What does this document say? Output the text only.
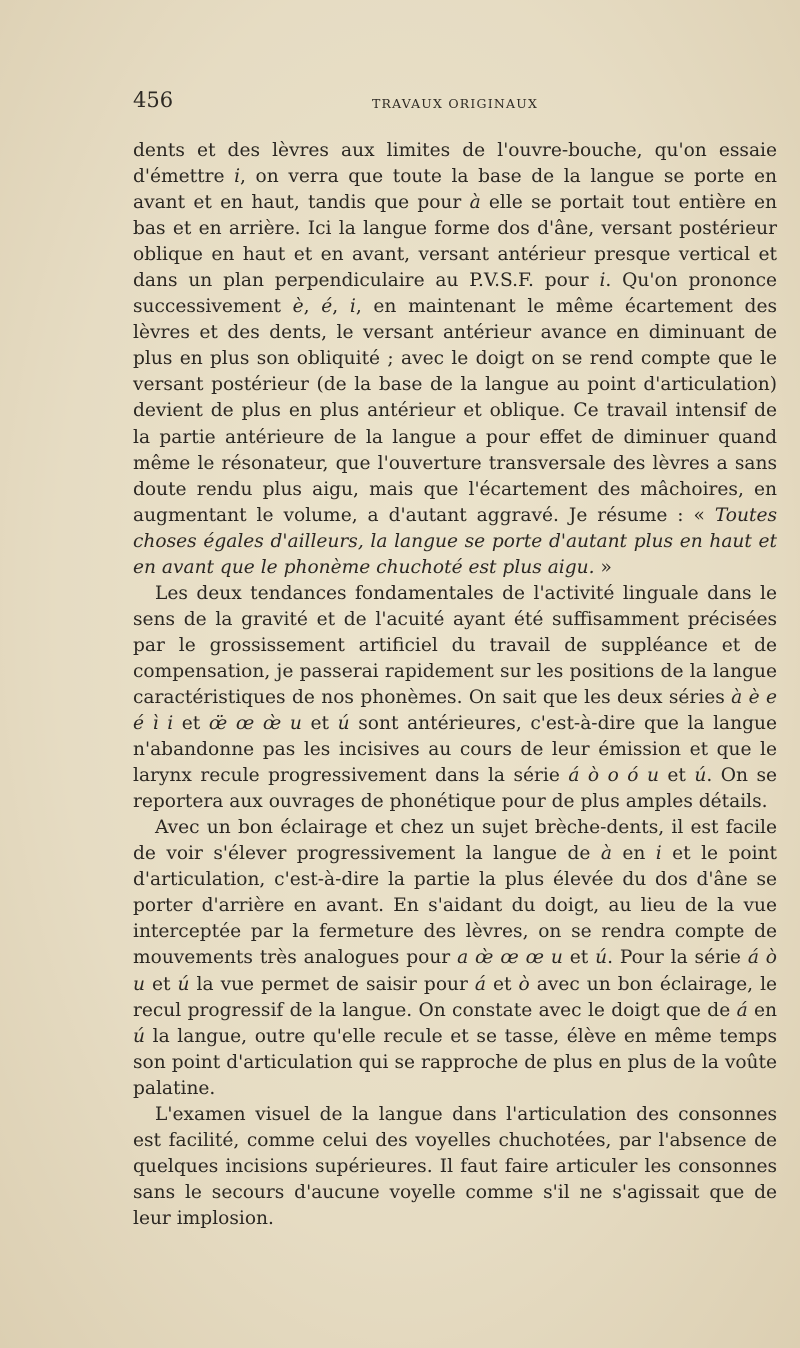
456	TRAVAUX ORIGINAUX

dents et des lèvres aux limites de l'ouvre-bouche, qu'on essaie d'émettre i, on verra que toute la base de la langue se porte en avant et en haut, tandis que pour à elle se portait tout entière en bas et en arrière. Ici la langue forme dos d'âne, versant postérieur oblique en haut et en avant, versant antérieur presque vertical et dans un plan perpendiculaire au P.V.S.F. pour i. Qu'on prononce successivement è, é, i, en maintenant le même écartement des lèvres et des dents, le versant antérieur avance en diminuant de plus en plus son obliquité ; avec le doigt on se rend compte que le versant postérieur (de la base de la langue au point d'articulation) devient de plus en plus antérieur et oblique. Ce travail intensif de la partie antérieure de la langue a pour effet de diminuer quand même le résonateur, que l'ouverture transversale des lèvres a sans doute rendu plus aigu, mais que l'écartement des mâchoires, en augmentant le volume, a d'autant aggravé. Je résume : « Toutes choses égales d'ailleurs, la langue se porte d'autant plus en haut et en avant que le phonème chuchoté est plus aigu. »

Les deux tendances fondamentales de l'activité linguale dans le sens de la gravité et de l'acuité ayant été suffisamment précisées par le grossissement artificiel du travail de suppléance et de compensation, je passerai rapidement sur les positions de la langue caractéristiques de nos phonèmes. On sait que les deux séries à è e é ì i et œ̈ œ œ̀ u et ú sont antérieures, c'est-à-dire que la langue n'abandonne pas les incisives au cours de leur émission et que le larynx recule progressivement dans la série á ò o ó u et ú. On se reportera aux ouvrages de phonétique pour de plus amples détails.

Avec un bon éclairage et chez un sujet brèche-dents, il est facile de voir s'élever progressivement la langue de à en i et le point d'articulation, c'est-à-dire la partie la plus élevée du dos d'âne se porter d'arrière en avant. En s'aidant du doigt, au lieu de la vue interceptée par la fermeture des lèvres, on se rendra compte de mouvements très analogues pour a œ̀ œ œ u et ú. Pour la série á ò u et ú la vue permet de saisir pour á et ò avec un bon éclairage, le recul progressif de la langue. On constate avec le doigt que de á en ú la langue, outre qu'elle recule et se tasse, élève en même temps son point d'articulation qui se rapproche de plus en plus de la voûte palatine.

L'examen visuel de la langue dans l'articulation des consonnes est facilité, comme celui des voyelles chuchotées, par l'absence de quelques incisions supérieures. Il faut faire articuler les consonnes sans le secours d'aucune voyelle comme s'il ne s'agissait que de leur implosion.
